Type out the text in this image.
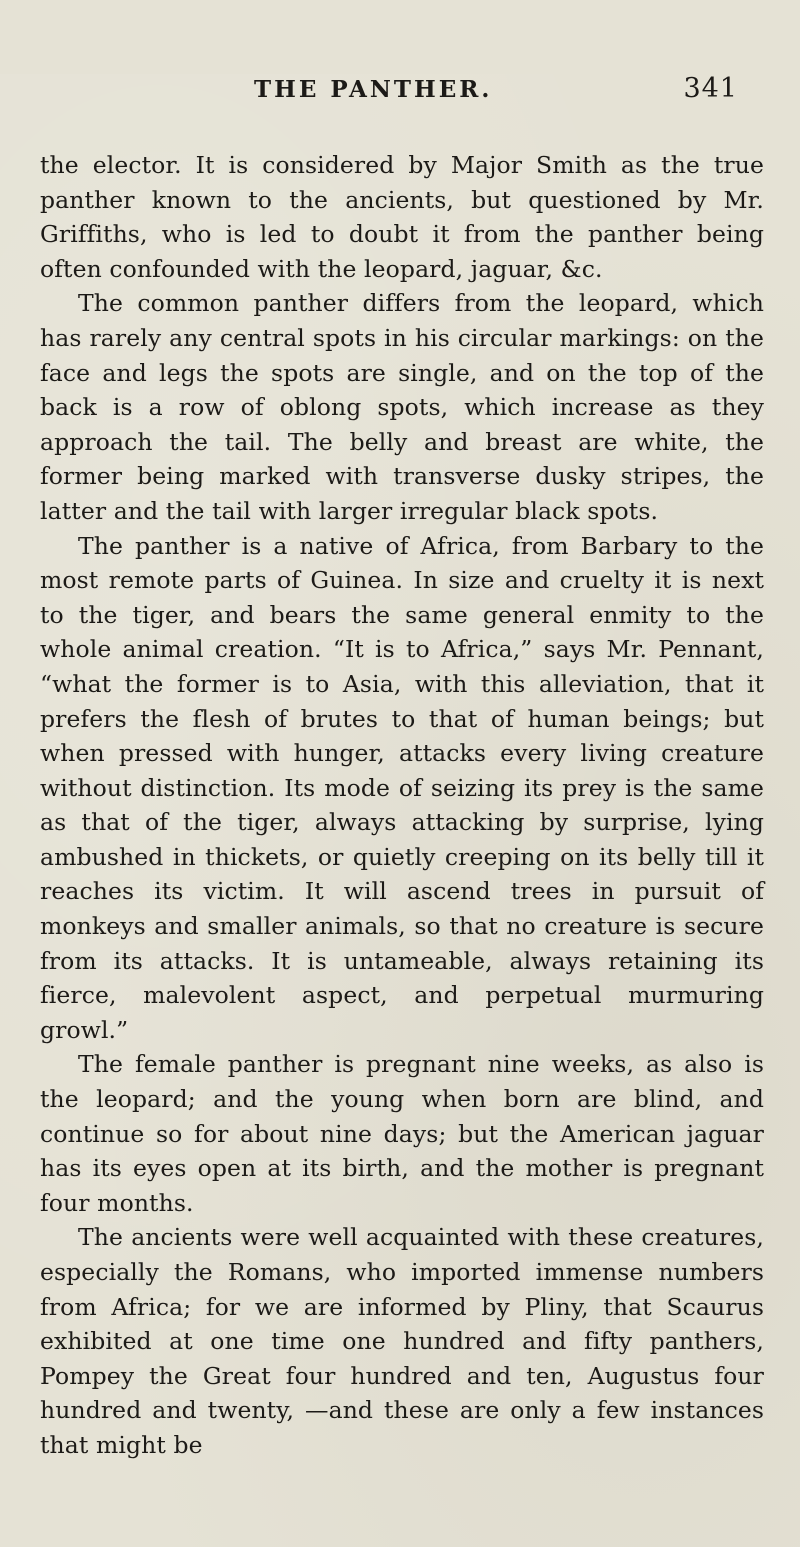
THE PANTHER.	341

the elector. It is considered by Major Smith as the true panther known to the ancients, but questioned by Mr. Griffiths, who is led to doubt it from the panther being often confounded with the leopard, jaguar, &c.

The common panther differs from the leopard, which has rarely any central spots in his circular markings: on the face and legs the spots are single, and on the top of the back is a row of oblong spots, which increase as they approach the tail. The belly and breast are white, the former being marked with transverse dusky stripes, the latter and the tail with larger irregular black spots.

The panther is a native of Africa, from Barbary to the most remote parts of Guinea. In size and cruelty it is next to the tiger, and bears the same general enmity to the whole animal creation. “It is to Africa,” says Mr. Pennant, “what the former is to Asia, with this alleviation, that it prefers the flesh of brutes to that of human beings; but when pressed with hunger, attacks every living creature without distinction. Its mode of seizing its prey is the same as that of the tiger, always attacking by surprise, lying ambushed in thickets, or quietly creeping on its belly till it reaches its victim. It will ascend trees in pursuit of monkeys and smaller animals, so that no creature is secure from its attacks. It is untameable, always retaining its fierce, malevolent aspect, and perpetual murmuring growl.”

The female panther is pregnant nine weeks, as also is the leopard; and the young when born are blind, and continue so for about nine days; but the American jaguar has its eyes open at its birth, and the mother is pregnant four months.

The ancients were well acquainted with these creatures, especially the Romans, who imported immense numbers from Africa; for we are informed by Pliny, that Scaurus exhibited at one time one hundred and fifty panthers, Pompey the Great four hundred and ten, Augustus four hundred and twenty, —and these are only a few instances that might be
